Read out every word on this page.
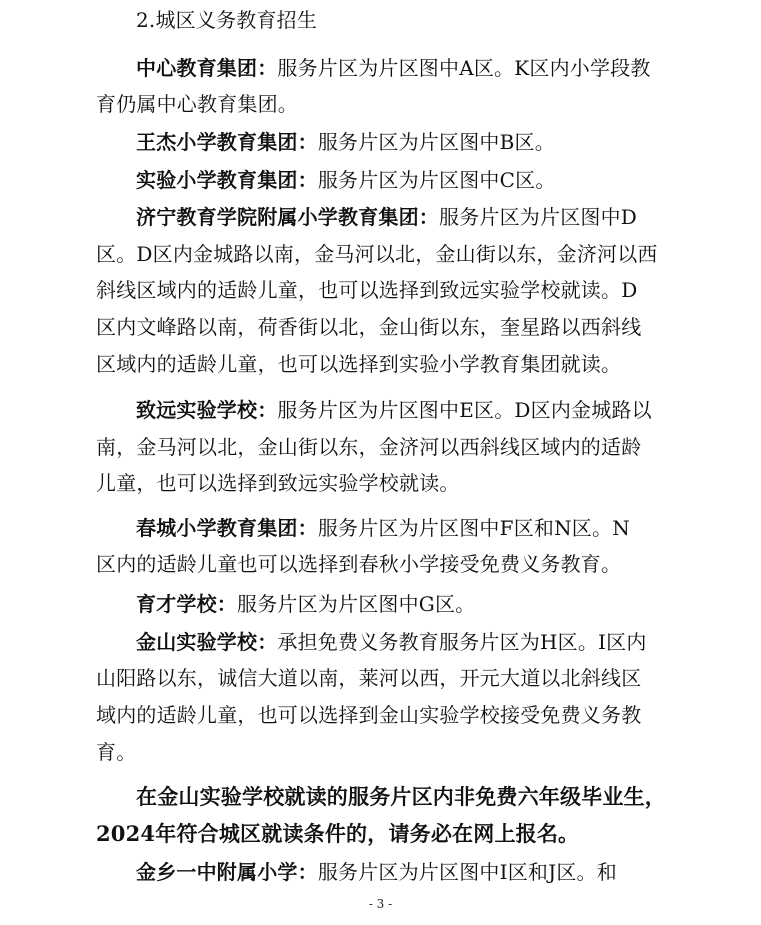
2.城区义务教育招生
中心教育集团：服务片区为片区图中A区。K区内小学段教
育仍属中心教育集团。
王杰小学教育集团：服务片区为片区图中B区。
实验小学教育集团：服务片区为片区图中C区。
济宁教育学院附属小学教育集团：服务片区为片区图中D
区。D区内金城路以南，金马河以北，金山街以东，金济河以西
斜线区域内的适龄儿童，也可以选择到致远实验学校就读。D
区内文峰路以南，荷香街以北，金山街以东，奎星路以西斜线
区域内的适龄儿童，也可以选择到实验小学教育集团就读。
致远实验学校：服务片区为片区图中E区。D区内金城路以
南，金马河以北，金山街以东，金济河以西斜线区域内的适龄
儿童，也可以选择到致远实验学校就读。
春城小学教育集团：服务片区为片区图中F区和N区。N
区内的适龄儿童也可以选择到春秋小学接受免费义务教育。
育才学校：服务片区为片区图中G区。
金山实验学校：承担免费义务教育服务片区为H区。I区内
山阳路以东，诚信大道以南，莱河以西，开元大道以北斜线区
域内的适龄儿童，也可以选择到金山实验学校接受免费义务教
育。
在金山实验学校就读的服务片区内非免费六年级毕业生，
2024年符合城区就读条件的，请务必在网上报名。
金乡一中附属小学：服务片区为片区图中I区和J区。和
- 3 -
